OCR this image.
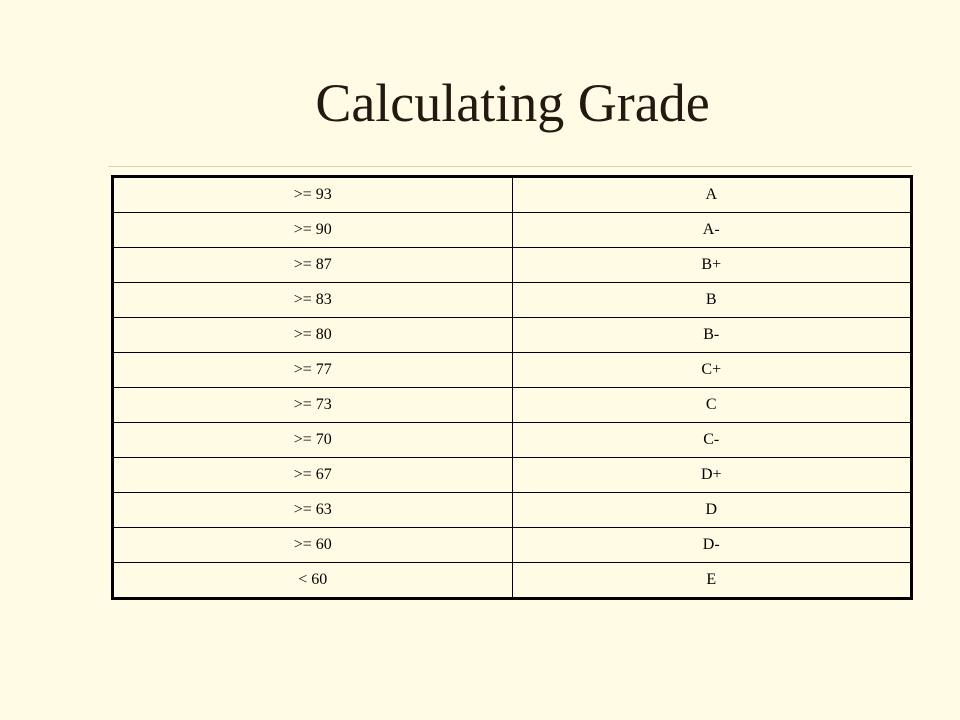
Calculating Grade
>= 93	A
>= 90	A-
>= 87	B+
>= 83	B
>= 80	B-
>= 77	C+
>= 73	C
>= 70	C-
>= 67	D+
>= 63	D
>= 60	D-
< 60	E
